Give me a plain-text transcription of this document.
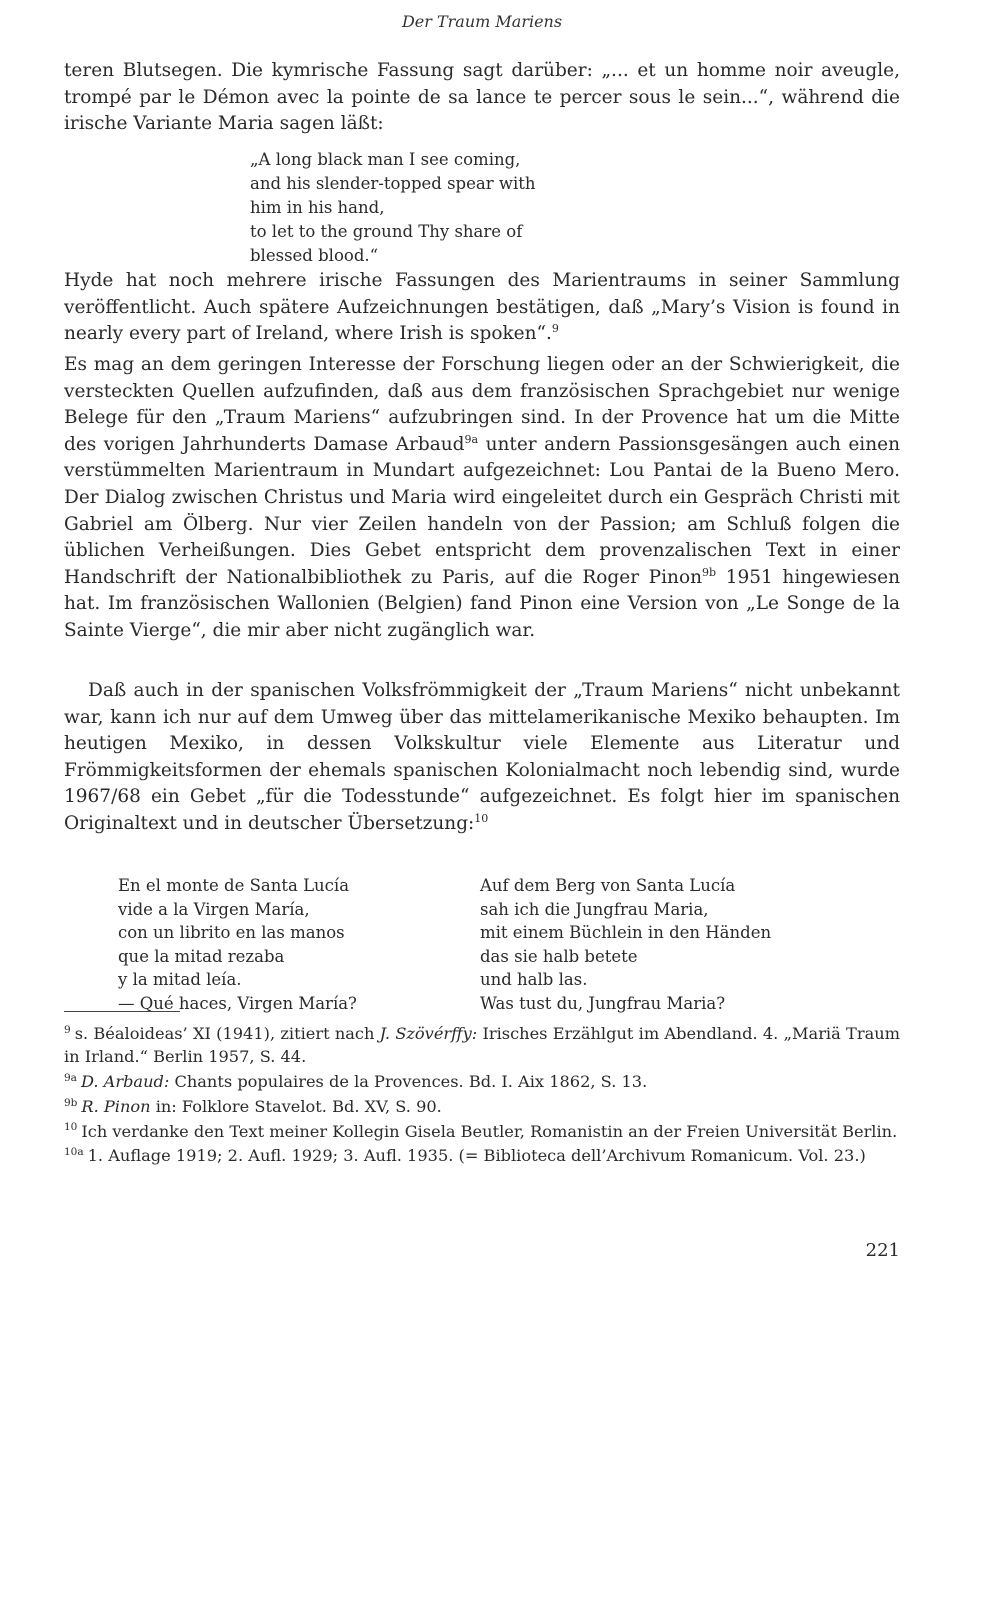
Der Traum Mariens

teren Blutsegen. Die kymrische Fassung sagt darüber: „... et un homme noir aveugle, trompé par le Démon avec la pointe de sa lance te percer sous le sein...“, während die irische Variante Maria sagen läßt:

„A long black man I see coming,
and his slender-topped spear with
him in his hand,
to let to the ground Thy share of
blessed blood.“

Hyde hat noch mehrere irische Fassungen des Marientraums in seiner Sammlung veröffentlicht. Auch spätere Aufzeichnungen bestätigen, daß „Mary’s Vision is found in nearly every part of Ireland, where Irish is spoken“.$^9$

Es mag an dem geringen Interesse der Forschung liegen oder an der Schwierigkeit, die versteckten Quellen aufzufinden, daß aus dem französischen Sprachgebiet nur wenige Belege für den „Traum Mariens“ aufzubringen sind. In der Provence hat um die Mitte des vorigen Jahrhunderts Damase Arbaud$^{9a}$ unter andern Passionsgesängen auch einen verstümmelten Marientraum in Mundart aufgezeichnet: Lou Pantai de la Bueno Mero. Der Dialog zwischen Christus und Maria wird eingeleitet durch ein Gespräch Christi mit Gabriel am Ölberg. Nur vier Zeilen handeln von der Passion; am Schluß folgen die üblichen Verheißungen. Dies Gebet entspricht dem provenzalischen Text in einer Handschrift der Nationalbibliothek zu Paris, auf die Roger Pinon$^{9b}$ 1951 hingewiesen hat. Im französischen Wallonien (Belgien) fand Pinon eine Version von „Le Songe de la Sainte Vierge“, die mir aber nicht zugänglich war.

Daß auch in der spanischen Volksfrömmigkeit der „Traum Mariens“ nicht unbekannt war, kann ich nur auf dem Umweg über das mittelamerikanische Mexiko behaupten. Im heutigen Mexiko, in dessen Volkskultur viele Elemente aus Literatur und Frömmigkeitsformen der ehemals spanischen Kolonialmacht noch lebendig sind, wurde 1967/68 ein Gebet „für die Todesstunde“ aufgezeichnet. Es folgt hier im spanischen Originaltext und in deutscher Übersetzung:$^{10}$

En el monte de Santa Lucía
vide a la Virgen María,
con un librito en las manos
que la mitad rezaba
y la mitad leía.
— Qué haces, Virgen María?
Auf dem Berg von Santa Lucía
sah ich die Jungfrau Maria,
mit einem Büchlein in den Händen
das sie halb betete
und halb las.
Was tust du, Jungfrau Maria?

$^9$ s. Béaloideas’ XI (1941), zitiert nach J. Szövérffy: Irisches Erzählgut im Abendland. 4. „Mariä Traum in Irland.“ Berlin 1957, S. 44.

$^{9a}$ D. Arbaud: Chants populaires de la Provences. Bd. I. Aix 1862, S. 13.

$^{9b}$ R. Pinon in: Folklore Stavelot. Bd. XV, S. 90.

$^{10}$ Ich verdanke den Text meiner Kollegin Gisela Beutler, Romanistin an der Freien Universität Berlin.

$^{10a}$ 1. Auflage 1919; 2. Aufl. 1929; 3. Aufl. 1935. (= Biblioteca dell’Archivum Romanicum. Vol. 23.)

221
